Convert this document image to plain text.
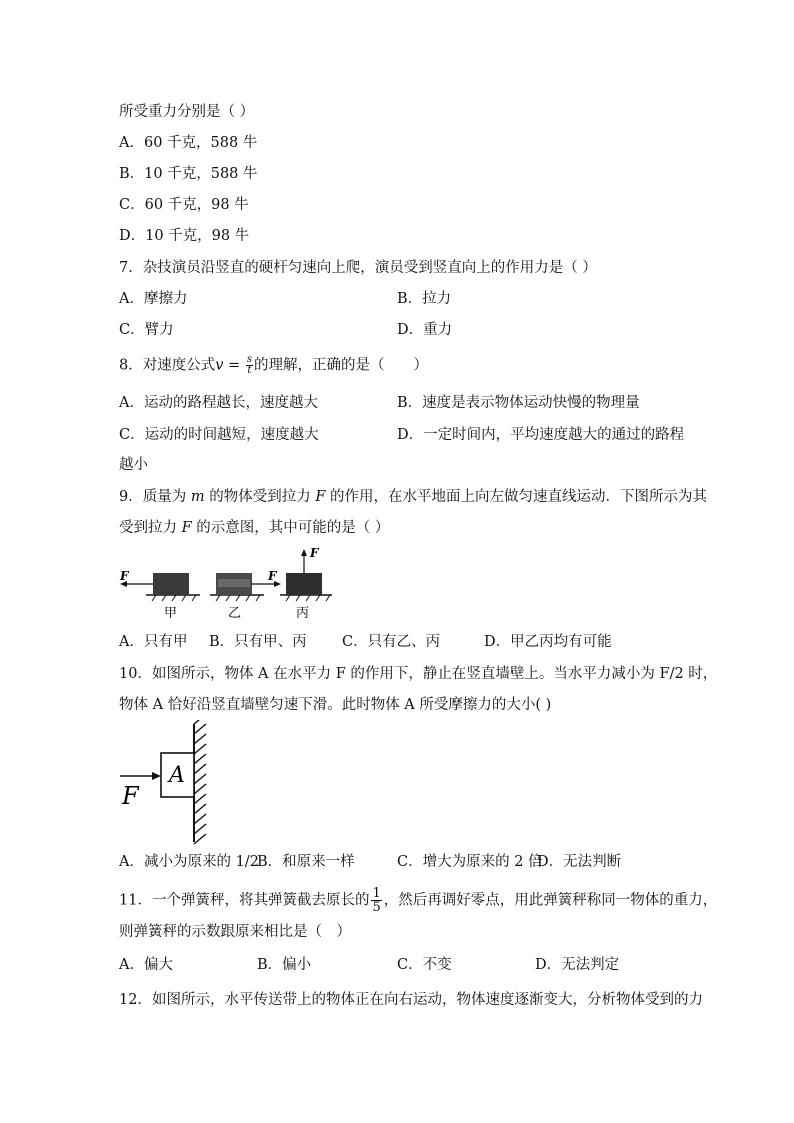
所受重力分别是（ ）
A．60 千克，588 牛
B．10 千克，588 牛
C．60 千克，98 牛
D．10 千克，98 牛
7．杂技演员沿竖直的硬杆匀速向上爬，演员受到竖直向上的作用力是（ ）
A．摩擦力	B．拉力
C．臂力	D．重力
8．对速度公式$v = \frac{s}{t}$ 的理解，正确的是（　　）
A．运动的路程越长，速度越大	B．速度是表示物体运动快慢的物理量
C．运动的时间越短，速度越大	D．一定时间内，平均速度越大的通过的路程
越小
9．质量为 m 的物体受到拉力 F 的作用，在水平地面上向左做匀速直线运动．下图所示为其
受到拉力 F 的示意图，其中可能的是（ ）
F
甲
F
乙
F
丙
A．只有甲 B．只有甲、丙 C．只有乙、丙	D．甲乙丙均有可能
10．如图所示，物体 A 在水平力 F 的作用下，静止在竖直墙壁上。当水平力减小为 F/2 时，
物体 A 恰好沿竖直墙壁匀速下滑。此时物体 A 所受摩擦力的大小( )
A
F
A．减小为原来的 1/2
B．和原来一样	C．增大为原来的 2 倍
D．无法判断
11．一个弹簧秤，将其弹簧截去原长的 $\frac{1}{5}$ ，然后再调好零点，用此弹簧秤称同一物体的重力，
则弹簧秤的示数跟原来相比是（　）
A．偏大	B．偏小	C．不变	D．无法判定
12．如图所示，水平传送带上的物体正在向右运动，物体速度逐渐变大，分析物体受到的力
